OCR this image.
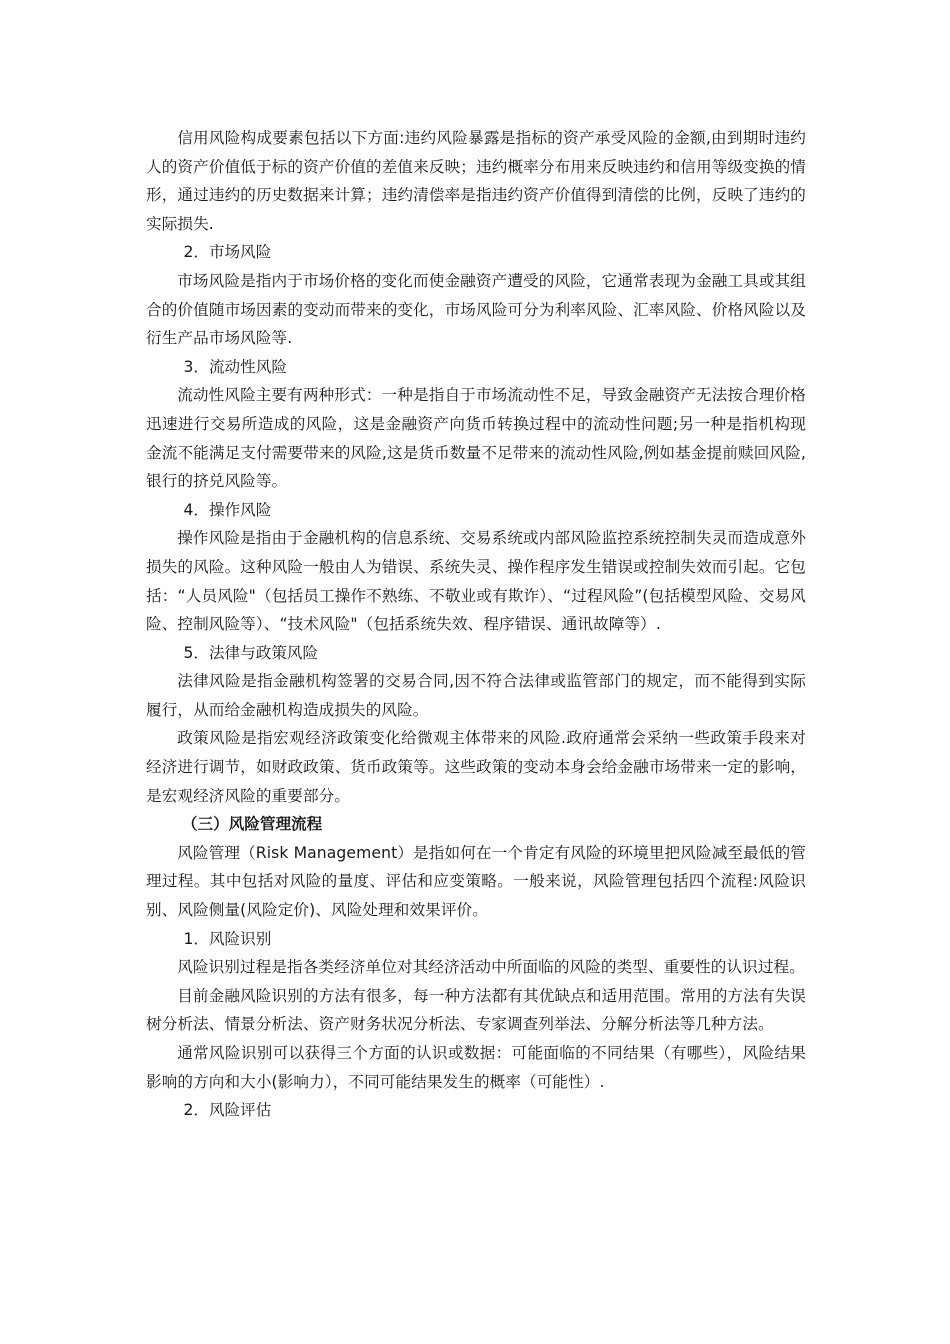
信用风险构成要素包括以下方面:违约风险暴露是指标的资产承受风险的金额,由到期时违约人的资产价值低于标的资产价值的差值来反映；违约概率分布用来反映违约和信用等级变换的情形，通过违约的历史数据来计算；违约清偿率是指违约资产价值得到清偿的比例，反映了违约的实际损失.

2．市场风险

市场风险是指内于市场价格的变化而使金融资产遭受的风险，它通常表现为金融工具或其组合的价值随市场因素的变动而带来的变化，市场风险可分为利率风险、汇率风险、价格风险以及衍生产品市场风险等.

3．流动性风险

流动性风险主要有两种形式：一种是指自于市场流动性不足，导致金融资产无法按合理价格迅速进行交易所造成的风险，这是金融资产向货币转换过程中的流动性问题;另一种是指机构现金流不能满足支付需要带来的风险,这是货币数量不足带来的流动性风险,例如基金提前赎回风险,银行的挤兑风险等。

4．操作风险

操作风险是指由于金融机构的信息系统、交易系统或内部风险监控系统控制失灵而造成意外损失的风险。这种风险一般由人为错误、系统失灵、操作程序发生错误或控制失效而引起。它包括：“人员风险"（包括员工操作不熟练、不敬业或有欺诈）、“过程风险”(包括模型风险、交易风险、控制风险等）、“技术风险"（包括系统失效、程序错误、通讯故障等）.

5．法律与政策风险

法律风险是指金融机构签署的交易合同,因不符合法律或监管部门的规定，而不能得到实际履行，从而给金融机构造成损失的风险。

政策风险是指宏观经济政策变化给微观主体带来的风险.政府通常会采纳一些政策手段来对经济进行调节，如财政政策、货币政策等。这些政策的变动本身会给金融市场带来一定的影响，是宏观经济风险的重要部分。

（三）风险管理流程

风险管理（Risk Management）是指如何在一个肯定有风险的环境里把风险减至最低的管理过程。其中包括对风险的量度、评估和应变策略。一般来说，风险管理包括四个流程:风险识别、风险侧量(风险定价)、风险处理和效果评价。

1．风险识别

风险识别过程是指各类经济单位对其经济活动中所面临的风险的类型、重要性的认识过程。

目前金融风险识别的方法有很多，每一种方法都有其优缺点和适用范围。常用的方法有失误树分析法、情景分析法、资产财务状况分析法、专家调查列举法、分解分析法等几种方法。

通常风险识别可以获得三个方面的认识或数据：可能面临的不同结果（有哪些），风险结果影响的方向和大小(影响力），不同可能结果发生的概率（可能性）.

2．风险评估
